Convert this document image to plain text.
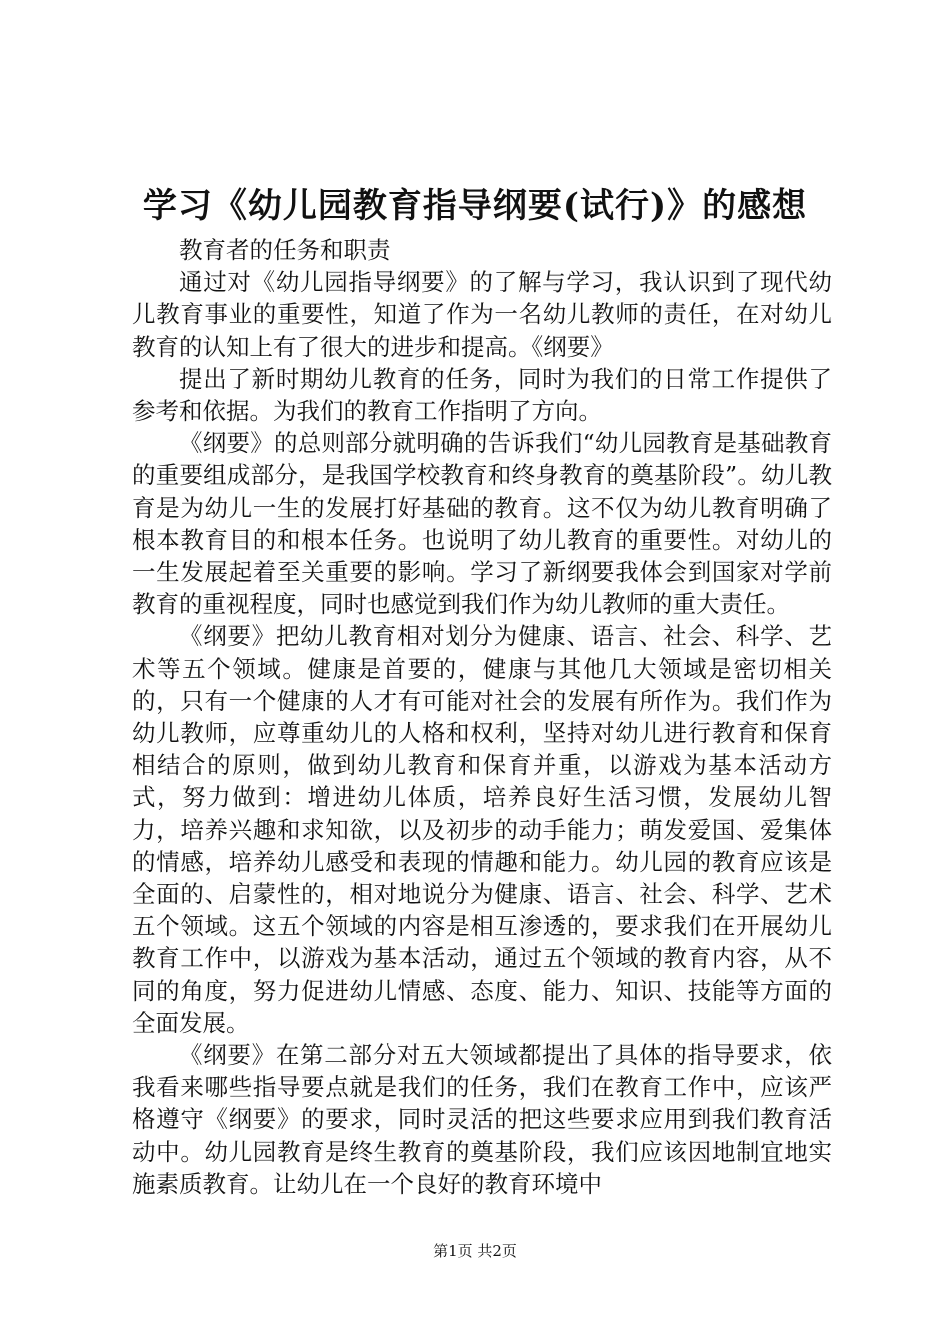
学习《幼儿园教育指导纲要(试行)》的感想

教育者的任务和职责

通过对《幼儿园指导纲要》的了解与学习，我认识到了现代幼儿教育事业的重要性，知道了作为一名幼儿教师的责任，在对幼儿教育的认知上有了很大的进步和提高。《纲要》

提出了新时期幼儿教育的任务，同时为我们的日常工作提供了参考和依据。为我们的教育工作指明了方向。

《纲要》的总则部分就明确的告诉我们“幼儿园教育是基础教育的重要组成部分，是我国学校教育和终身教育的奠基阶段”。幼儿教育是为幼儿一生的发展打好基础的教育。这不仅为幼儿教育明确了根本教育目的和根本任务。也说明了幼儿教育的重要性。对幼儿的一生发展起着至关重要的影响。学习了新纲要我体会到国家对学前教育的重视程度，同时也感觉到我们作为幼儿教师的重大责任。

《纲要》把幼儿教育相对划分为健康、语言、社会、科学、艺术等五个领域。健康是首要的，健康与其他几大领域是密切相关的，只有一个健康的人才有可能对社会的发展有所作为。我们作为幼儿教师，应尊重幼儿的人格和权利，坚持对幼儿进行教育和保育相结合的原则，做到幼儿教育和保育并重，以游戏为基本活动方式，努力做到：增进幼儿体质，培养良好生活习惯，发展幼儿智力，培养兴趣和求知欲，以及初步的动手能力；萌发爱国、爱集体的情感，培养幼儿感受和表现的情趣和能力。幼儿园的教育应该是全面的、启蒙性的，相对地说分为健康、语言、社会、科学、艺术五个领域。这五个领域的内容是相互渗透的，要求我们在开展幼儿教育工作中，以游戏为基本活动，通过五个领域的教育内容，从不同的角度，努力促进幼儿情感、态度、能力、知识、技能等方面的全面发展。

《纲要》在第二部分对五大领域都提出了具体的指导要求，依我看来哪些指导要点就是我们的任务，我们在教育工作中，应该严格遵守《纲要》的要求，同时灵活的把这些要求应用到我们教育活动中。幼儿园教育是终生教育的奠基阶段，我们应该因地制宜地实施素质教育。让幼儿在一个良好的教育环境中

第1页 共2页
